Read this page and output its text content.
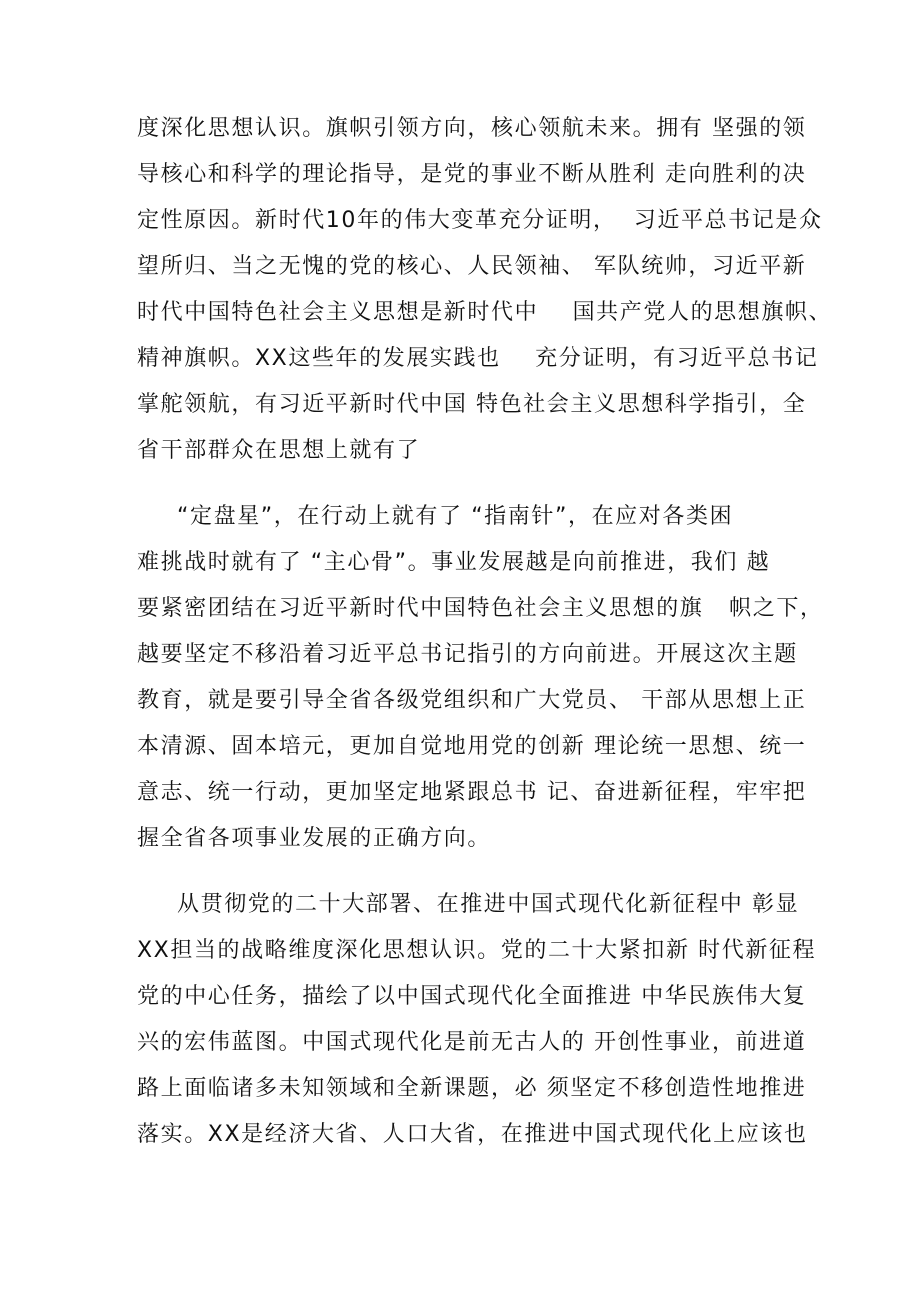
度深化思想认识。旗帜引领方向，核心领航未来。拥有 坚强的领
导核心和科学的理论指导，是党的事业不断从胜利 走向胜利的决
定性原因。新时代10年的伟大变革充分证明，  习近平总书记是众
望所归、当之无愧的党的核心、人民领袖、 军队统帅，习近平新
时代中国特色社会主义思想是新时代中    国共产党人的思想旗帜、
精神旗帜。XX这些年的发展实践也    充分证明，有习近平总书记
掌舵领航，有习近平新时代中国 特色社会主义思想科学指引，全
省干部群众在思想上就有了
“定盘星”，在行动上就有了 “指南针”，在应对各类困
难挑战时就有了 “主心骨”。事业发展越是向前推进，我们 越
要紧密团结在习近平新时代中国特色社会主义思想的旗   帜之下，
越要坚定不移沿着习近平总书记指引的方向前进。开展这次主题
教育，就是要引导全省各级党组织和广大党员、 干部从思想上正
本清源、固本培元，更加自觉地用党的创新 理论统一思想、统一
意志、统一行动，更加坚定地紧跟总书 记、奋进新征程，牢牢把
握全省各项事业发展的正确方向。
从贯彻党的二十大部署、在推进中国式现代化新征程中 彰显
XX担当的战略维度深化思想认识。党的二十大紧扣新 时代新征程
党的中心任务，描绘了以中国式现代化全面推进 中华民族伟大复
兴的宏伟蓝图。中国式现代化是前无古人的 开创性事业，前进道
路上面临诸多未知领域和全新课题，必 须坚定不移创造性地推进
落实。XX是经济大省、人口大省，在推进中国式现代化上应该也
